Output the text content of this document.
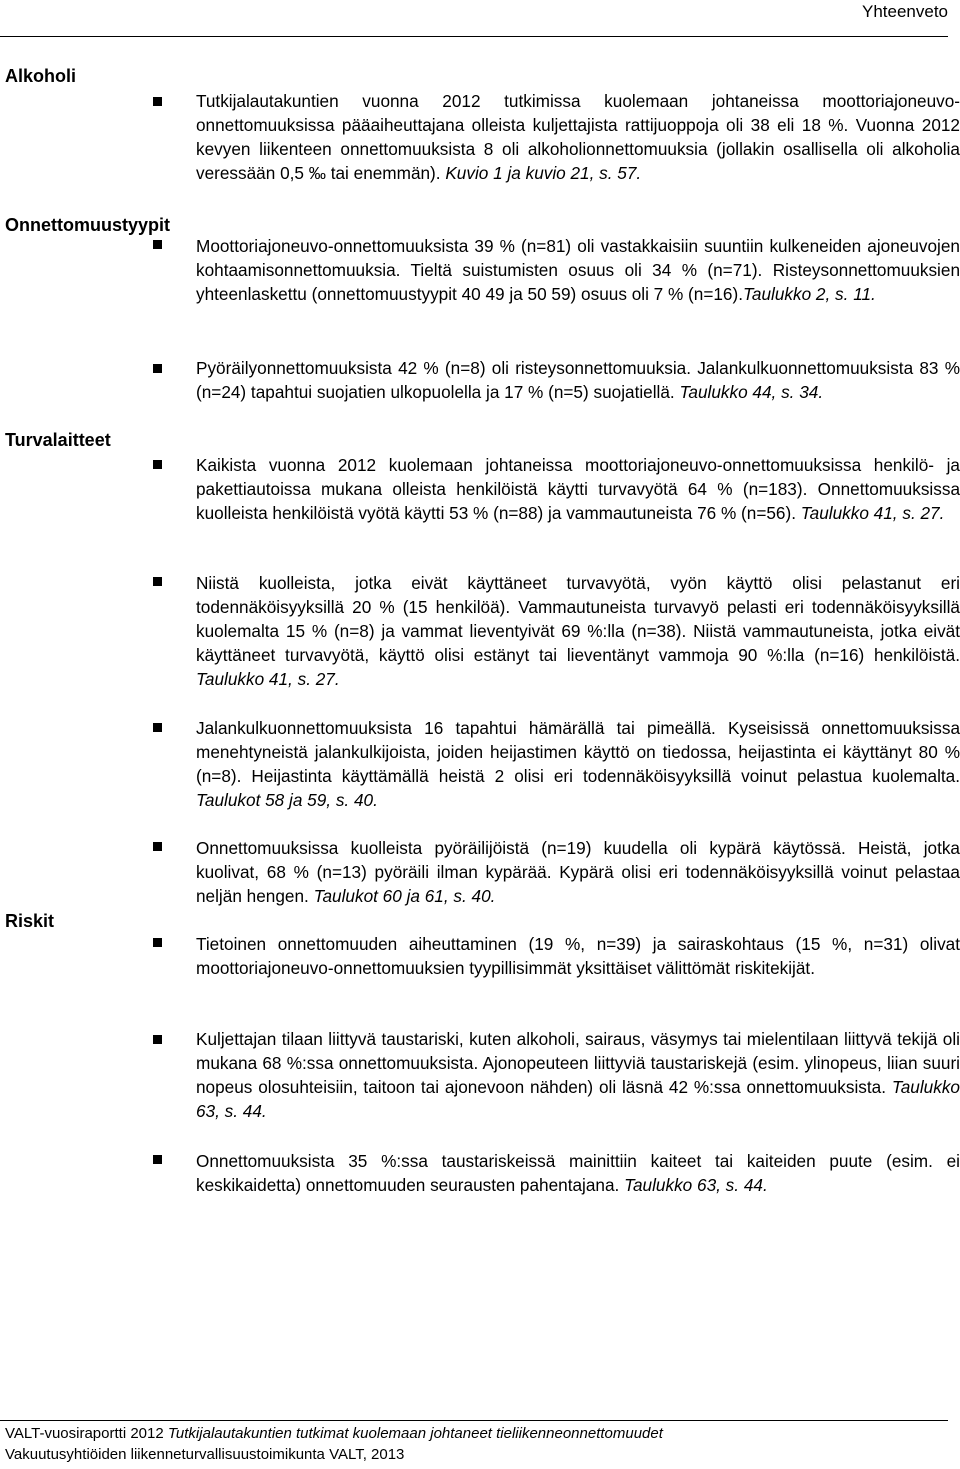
Yhteenveto
Alkoholi
Tutkijalautakuntien vuonna 2012 tutkimissa kuolemaan johtaneissa moottoriajoneuvo-onnettomuuksissa pääaiheuttajana olleista kuljettajista rattijuoppoja oli 38 eli 18 %. Vuonna 2012 kevyen liikenteen onnettomuuksista 8 oli alkoholionnettomuuksia (jollakin osallisella oli alkoholia veressään 0,5 ‰ tai enemmän). Kuvio 1 ja kuvio 21, s. 57.
Onnettomuustyypit
Moottoriajoneuvo-onnettomuuksista 39 % (n=81) oli vastakkaisiin suuntiin kulkeneiden ajoneuvojen kohtaamisonnettomuuksia. Tieltä suistumisten osuus oli 34 % (n=71). Risteysonnettomuuksien yhteenlaskettu (onnettomuustyypit 40 49 ja 50 59) osuus oli 7 % (n=16).Taulukko 2, s. 11.
Pyöräilyonnettomuuksista 42 % (n=8) oli risteysonnettomuuksia. Jalankulkuonnettomuuksista 83 % (n=24) tapahtui suojatien ulkopuolella ja 17 % (n=5) suojatiellä. Taulukko 44, s. 34.
Turvalaitteet
Kaikista vuonna 2012 kuolemaan johtaneissa moottoriajoneuvo-onnettomuuksissa henkilö- ja pakettiautoissa mukana olleista henkilöistä käytti turvavyötä 64 % (n=183). Onnettomuuksissa kuolleista henkilöistä vyötä käytti 53 % (n=88) ja vammautuneista 76 % (n=56). Taulukko 41, s. 27.
Niistä kuolleista, jotka eivät käyttäneet turvavyötä, vyön käyttö olisi pelastanut eri todennäköisyyksillä 20 % (15 henkilöä). Vammautuneista turvavyö pelasti eri todennäköisyyksillä kuolemalta 15 % (n=8) ja vammat lieventyivät 69 %:lla (n=38). Niistä vammautuneista, jotka eivät käyttäneet turvavyötä, käyttö olisi estänyt tai lieventänyt vammoja 90 %:lla (n=16) henkilöistä. Taulukko 41, s. 27.
Jalankulkuonnettomuuksista 16 tapahtui hämärällä tai pimeällä. Kyseisissä onnettomuuksissa menehtyneistä jalankulkijoista, joiden heijastimen käyttö on tiedossa, heijastinta ei käyttänyt 80 % (n=8). Heijastinta käyttämällä heistä 2 olisi eri todennäköisyyksillä voinut pelastua kuolemalta. Taulukot 58 ja 59, s. 40.
Onnettomuuksissa kuolleista pyöräilijöistä (n=19) kuudella oli kypärä käytössä. Heistä, jotka kuolivat, 68 % (n=13) pyöräili ilman kypärää. Kypärä olisi eri todennäköisyyksillä voinut pelastaa neljän hengen. Taulukot 60 ja 61, s. 40.
Riskit
Tietoinen onnettomuuden aiheuttaminen (19 %, n=39) ja sairaskohtaus (15 %, n=31) olivat moottoriajoneuvo-onnettomuuksien tyypillisimmät yksittäiset välittömät riskitekijät.
Kuljettajan tilaan liittyvä taustariski, kuten alkoholi, sairaus, väsymys tai mielentilaan liittyvä tekijä oli mukana 68 %:ssa onnettomuuksista. Ajonopeuteen liittyviä taustariskejä (esim. ylinopeus, liian suuri nopeus olosuhteisiin, taitoon tai ajonevoon nähden) oli läsnä 42 %:ssa onnettomuuksista. Taulukko 63, s. 44.
Onnettomuuksista 35 %:ssa taustariskeissä mainittiin kaiteet tai kaiteiden puute (esim. ei keskikaidetta) onnettomuuden seurausten pahentajana. Taulukko 63, s. 44.
VALT-vuosiraportti 2012 Tutkijalautakuntien tutkimat kuolemaan johtaneet tieliikenneonnettomuudet
Vakuutusyhtiöiden liikenneturvallisuustoimikunta VALT, 2013
